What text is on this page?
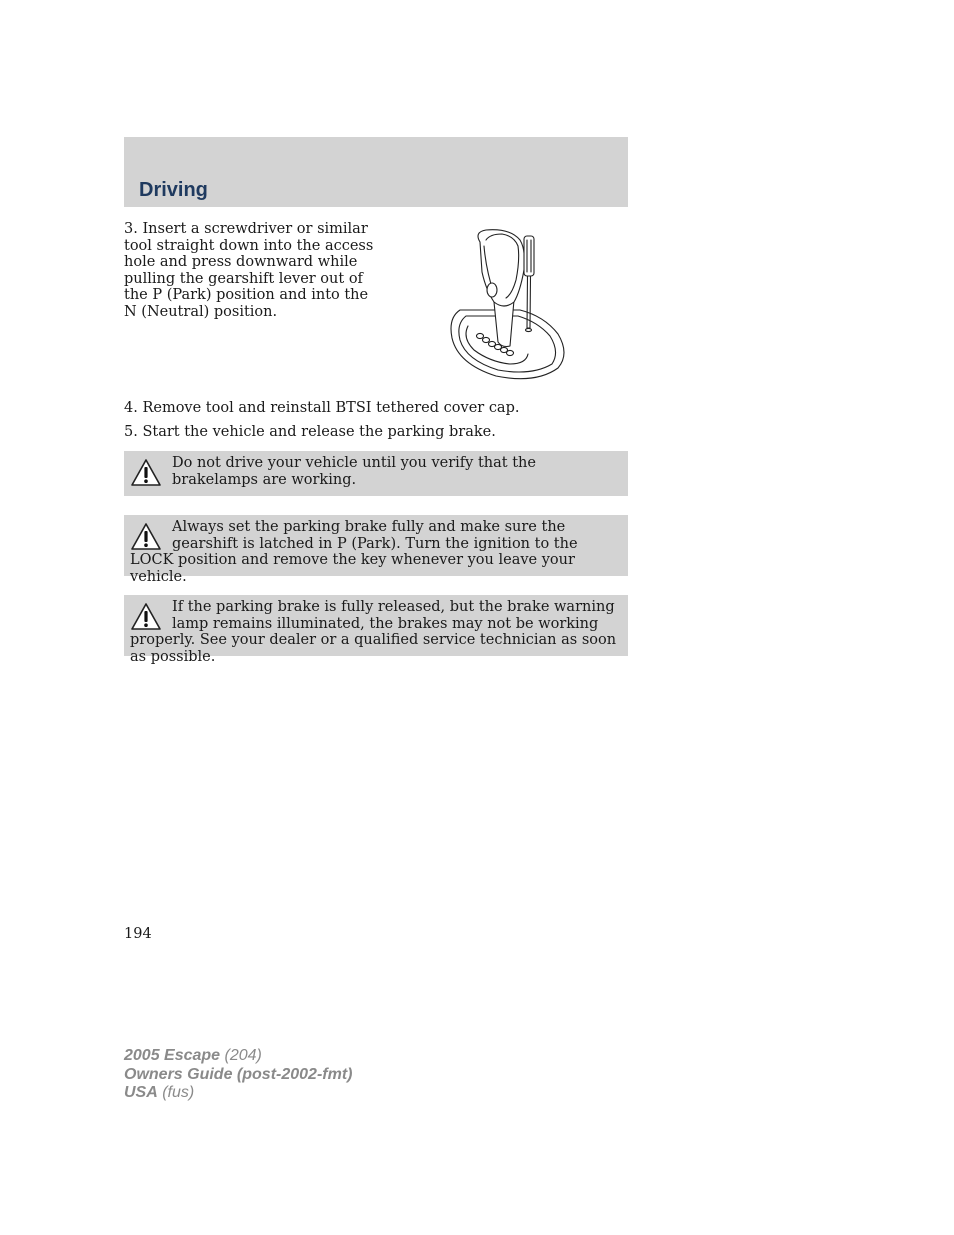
Driving

3. Insert a screwdriver or similar tool straight down into the access hole and press downward while pulling the gearshift lever out of the P (Park) position and into the N (Neutral) position.

4. Remove tool and reinstall BTSI tethered cover cap.

5. Start the vehicle and release the parking brake.

Do not drive your vehicle until you verify that the brakelamps are working.

Always set the parking brake fully and make sure the gearshift is latched in P (Park). Turn the ignition to the LOCK position and remove the key whenever you leave your vehicle.

If the parking brake is fully released, but the brake warning lamp remains illuminated, the brakes may not be working properly. See your dealer or a qualified service technician as soon as possible.

194
2005 Escape (204)
Owners Guide (post-2002-fmt)
USA (fus)
